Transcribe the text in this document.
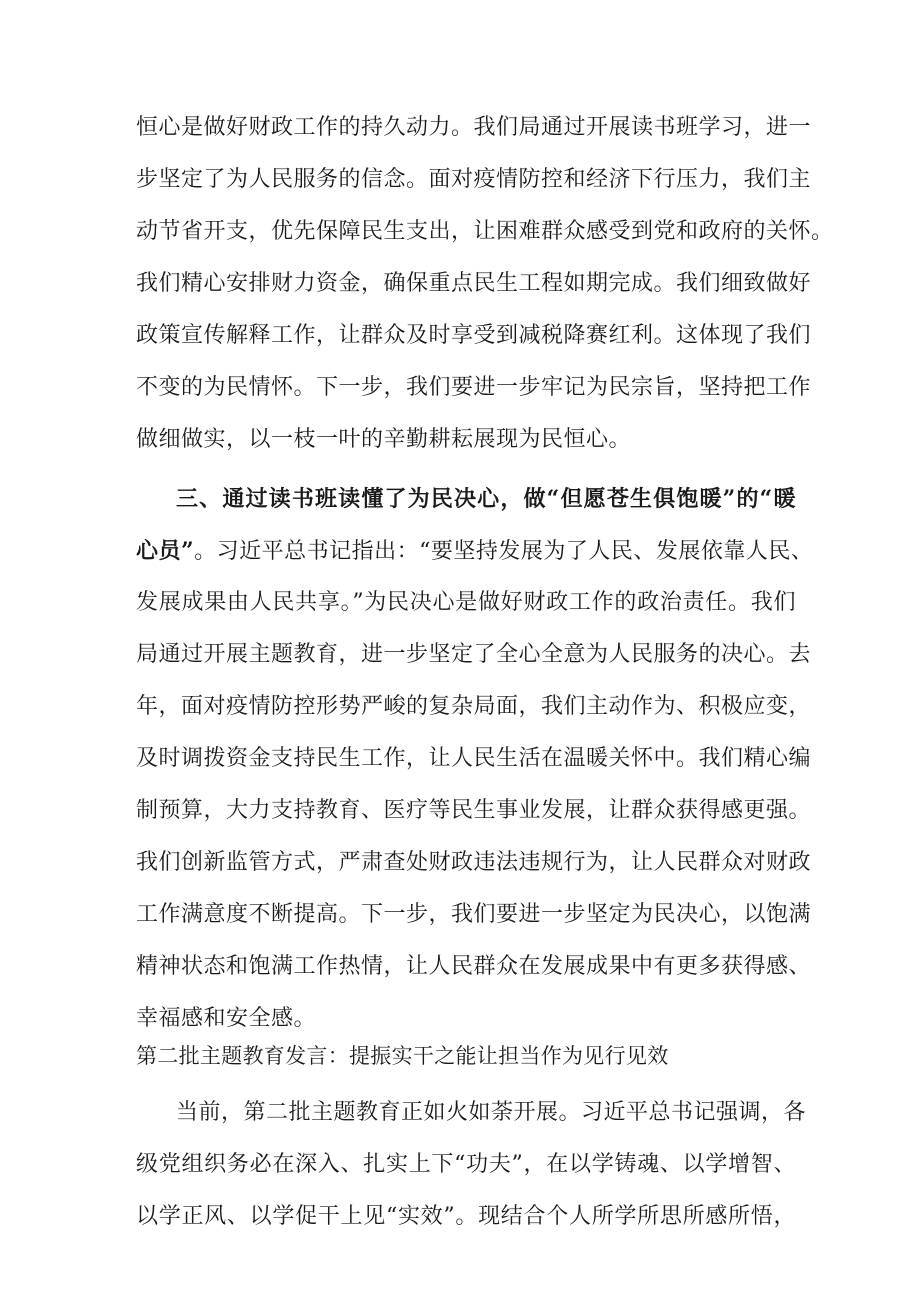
恒心是做好财政工作的持久动力。我们局通过开展读书班学习，进一
步坚定了为人民服务的信念。面对疫情防控和经济下行压力，我们主
动节省开支，优先保障民生支出，让困难群众感受到党和政府的关怀。
我们精心安排财力资金，确保重点民生工程如期完成。我们细致做好
政策宣传解释工作，让群众及时享受到减税降赛红利。这体现了我们
不变的为民情怀。下一步，我们要进一步牢记为民宗旨，坚持把工作
做细做实，以一枝一叶的辛勤耕耘展现为民恒心。
三、通过读书班读懂了为民决心，做“但愿苍生俱饱暖”的“暖
心员”。习近平总书记指出：“要坚持发展为了人民、发展依靠人民、
发展成果由人民共享。”为民决心是做好财政工作的政治责任。我们
局通过开展主题教育，进一步坚定了全心全意为人民服务的决心。去
年，面对疫情防控形势严峻的复杂局面，我们主动作为、积极应变，
及时调拨资金支持民生工作，让人民生活在温暖关怀中。我们精心编
制预算，大力支持教育、医疗等民生事业发展，让群众获得感更强。
我们创新监管方式，严肃查处财政违法违规行为，让人民群众对财政
工作满意度不断提高。下一步，我们要进一步坚定为民决心，以饱满
精神状态和饱满工作热情，让人民群众在发展成果中有更多获得感、
幸福感和安全感。
第二批主题教育发言：提振实干之能让担当作为见行见效
当前，第二批主题教育正如火如荼开展。习近平总书记强调，各
级党组织务必在深入、扎实上下“功夫”，在以学铸魂、以学增智、
以学正风、以学促干上见“实效”。现结合个人所学所思所感所悟，
